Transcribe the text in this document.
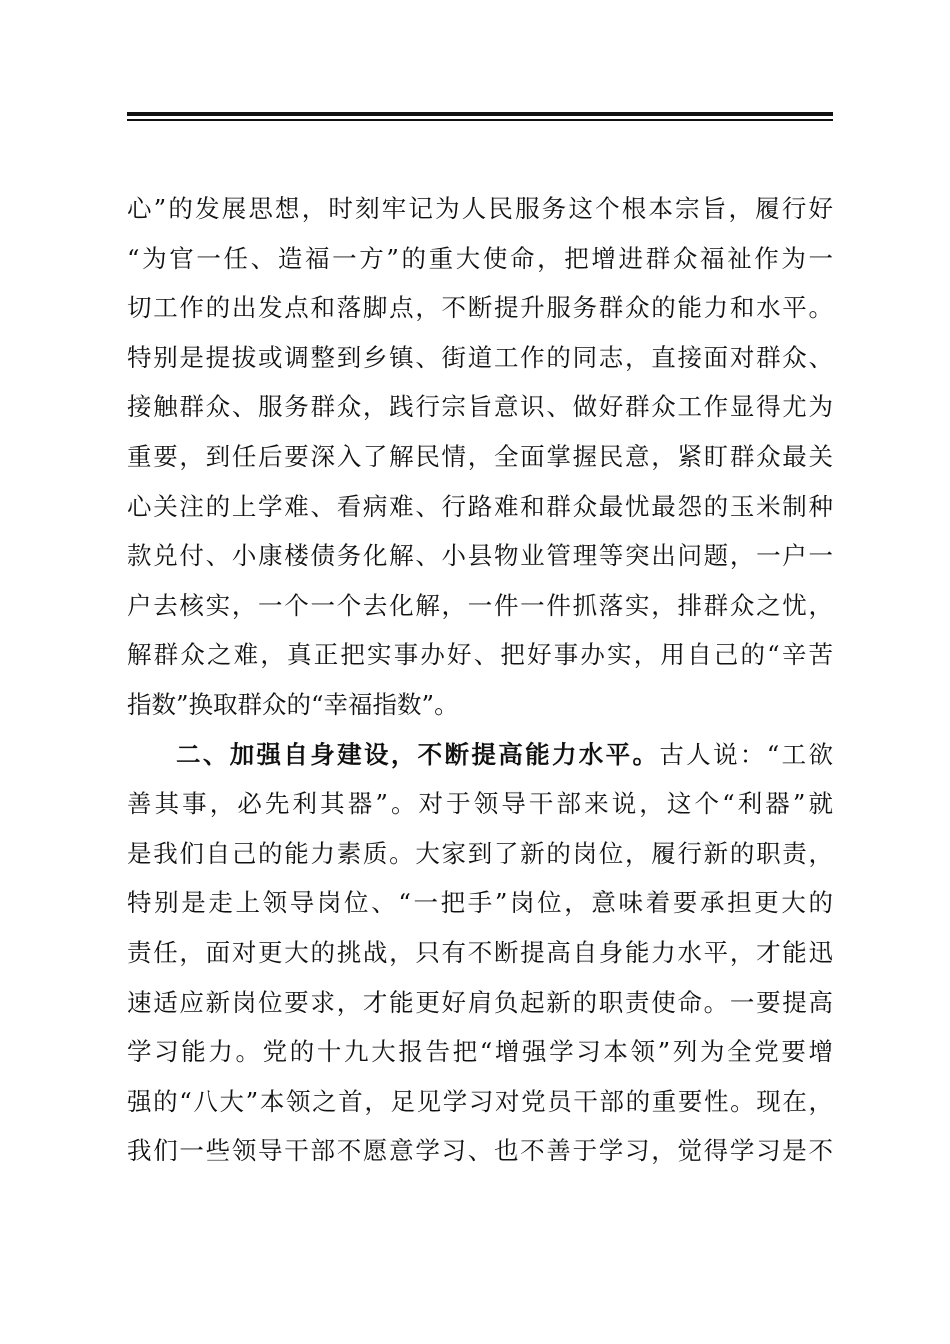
心”的发展思想，时刻牢记为人民服务这个根本宗旨，履行好
“为官一任、造福一方”的重大使命，把增进群众福祉作为一
切工作的出发点和落脚点，不断提升服务群众的能力和水平。
特别是提拔或调整到乡镇、街道工作的同志，直接面对群众、
接触群众、服务群众，践行宗旨意识、做好群众工作显得尤为
重要，到任后要深入了解民情，全面掌握民意，紧盯群众最关
心关注的上学难、看病难、行路难和群众最忧最怨的玉米制种
款兑付、小康楼债务化解、小县物业管理等突出问题，一户一
户去核实，一个一个去化解，一件一件抓落实，排群众之忧，
解群众之难，真正把实事办好、把好事办实，用自己的“辛苦
指数”换取群众的“幸福指数”。
二、加强自身建设，不断提高能力水平。古人说：“工欲
善其事，必先利其器”。对于领导干部来说，这个“利器”就
是我们自己的能力素质。大家到了新的岗位，履行新的职责，
特别是走上领导岗位、“一把手”岗位，意味着要承担更大的
责任，面对更大的挑战，只有不断提高自身能力水平，才能迅
速适应新岗位要求，才能更好肩负起新的职责使命。一要提高
学习能力。党的十九大报告把“增强学习本领”列为全党要增
强的“八大”本领之首，足见学习对党员干部的重要性。现在，
我们一些领导干部不愿意学习、也不善于学习，觉得学习是不
